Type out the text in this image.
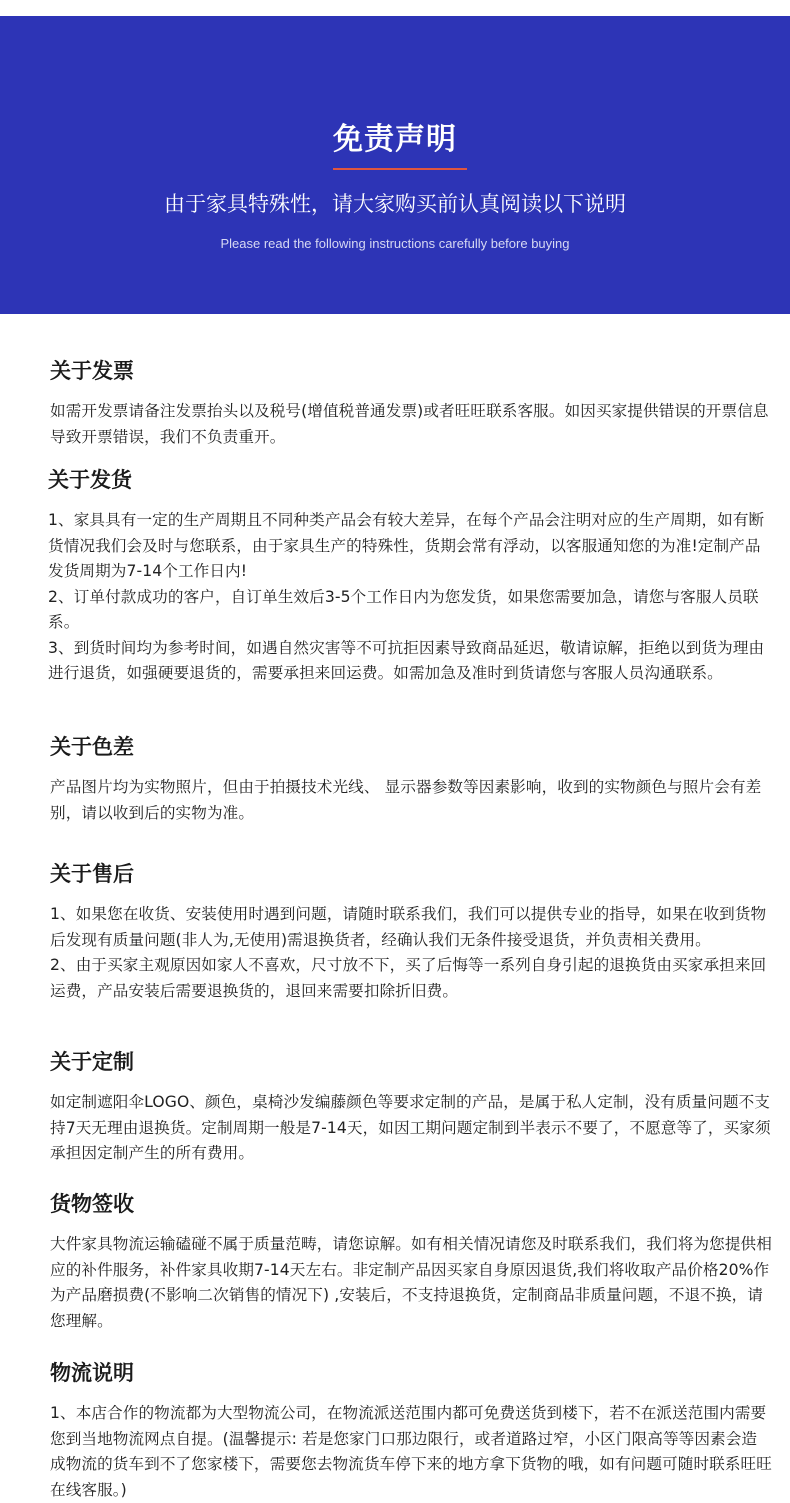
免责声明
由于家具特殊性，请大家购买前认真阅读以下说明
Please read the following instructions carefully before buying
关于发票

如需开发票请备注发票抬头以及税号(增值税普通发票)或者旺旺联系客服。如因买家提供错误的开票信息导致开票错误，我们不负责重开。

关于发货

1、家具具有一定的生产周期且不同种类产品会有较大差异，在每个产品会注明对应的生产周期，如有断货情况我们会及时与您联系，由于家具生产的特殊性，货期会常有浮动，以客服通知您的为准!定制产品发货周期为7-14个工作日内!

2、订单付款成功的客户，自订单生效后3-5个工作日内为您发货，如果您需要加急，请您与客服人员联系。

3、到货时间均为参考时间，如遇自然灾害等不可抗拒因素导致商品延迟，敬请谅解，拒绝以到货为理由进行退货，如强硬要退货的，需要承担来回运费。如需加急及准时到货请您与客服人员沟通联系。

关于色差

产品图片均为实物照片，但由于拍摄技术光线、 显示器参数等因素影响，收到的实物颜色与照片会有差别，请以收到后的实物为准。

关于售后

1、如果您在收货、安装使用时遇到问题，请随时联系我们，我们可以提供专业的指导，如果在收到货物后发现有质量问题(非人为,无使用)需退换货者，经确认我们无条件接受退货，并负责相关费用。

2、由于买家主观原因如家人不喜欢，尺寸放不下，买了后悔等一系列自身引起的退换货由买家承担来回运费，产品安装后需要退换货的，退回来需要扣除折旧费。

关于定制

如定制遮阳伞LOGO、颜色，桌椅沙发编藤颜色等要求定制的产品，是属于私人定制，没有质量问题不支持7天无理由退换货。定制周期一般是7-14天，如因工期问题定制到半表示不要了，不愿意等了，买家须承担因定制产生的所有费用。

货物签收

大件家具物流运输磕碰不属于质量范畴，请您谅解。如有相关情况请您及时联系我们，我们将为您提供相应的补件服务，补件家具收期7-14天左右。非定制产品因买家自身原因退货,我们将收取产品价格20%作为产品磨损费(不影响二次销售的情况下) ,安装后，不支持退换货，定制商品非质量问题，不退不换，请您理解。

物流说明

1、本店合作的物流都为大型物流公司，在物流派送范围内都可免费送货到楼下，若不在派送范围内需要您到当地物流网点自提。(温馨提示: 若是您家门口那边限行，或者道路过窄，小区门限高等等因素会造成物流的货车到不了您家楼下，需要您去物流货车停下来的地方拿下货物的哦，如有问题可随时联系旺旺在线客服。)
